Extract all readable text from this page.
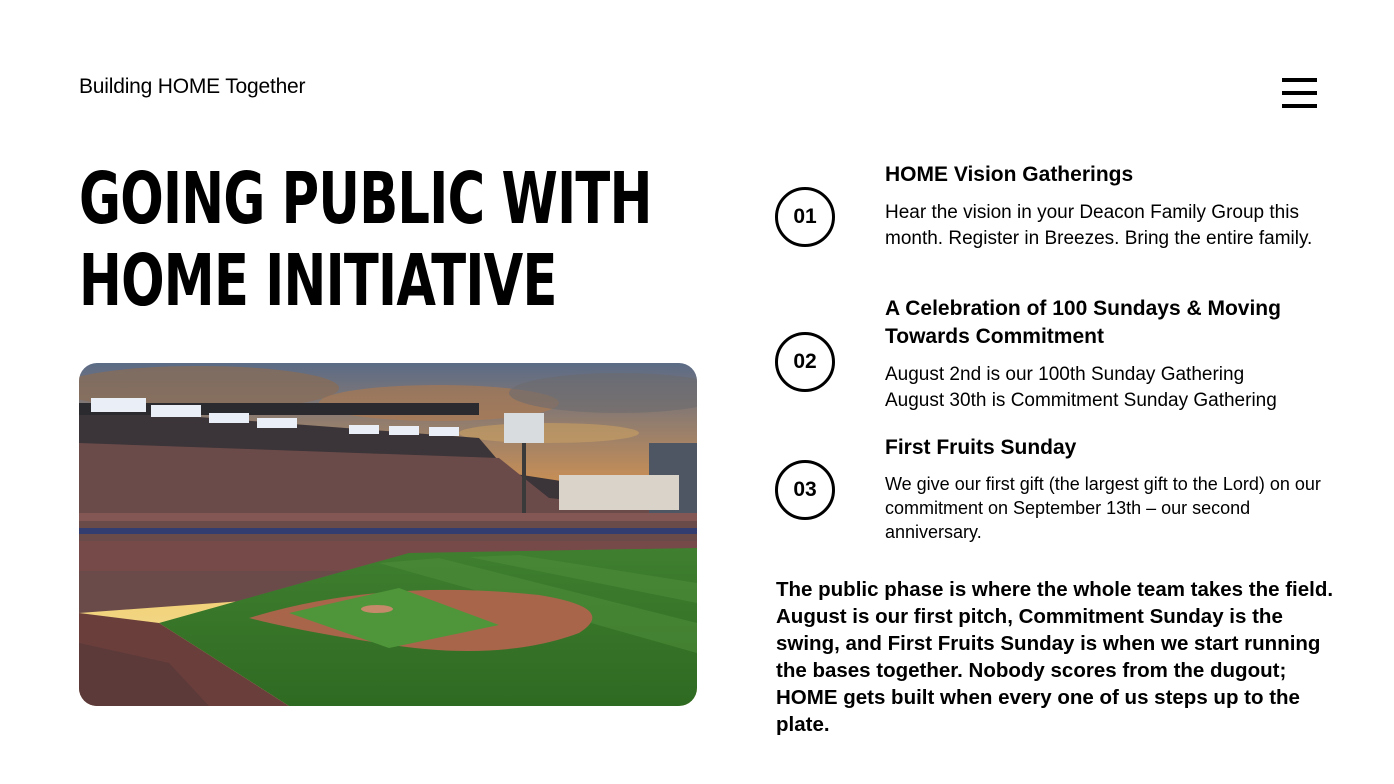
Building HOME Together
GOING PUBLIC WITH
HOME INITIATIVE
01
HOME Vision Gatherings
Hear the vision in your Deacon Family Group this month. Register in Breezes. Bring the entire family.
02
A Celebration of 100 Sundays & Moving Towards Commitment
August 2nd is our 100th Sunday Gathering
August 30th is Commitment Sunday Gathering
03
First Fruits Sunday
We give our first gift (the largest gift to the Lord) on our commitment on September 13th – our second anniversary.
The public phase is where the whole team takes the field. August is our first pitch, Commitment Sunday is the swing, and First Fruits Sunday is when we start running the bases together. Nobody scores from the dugout; HOME gets built when every one of us steps up to the plate.
